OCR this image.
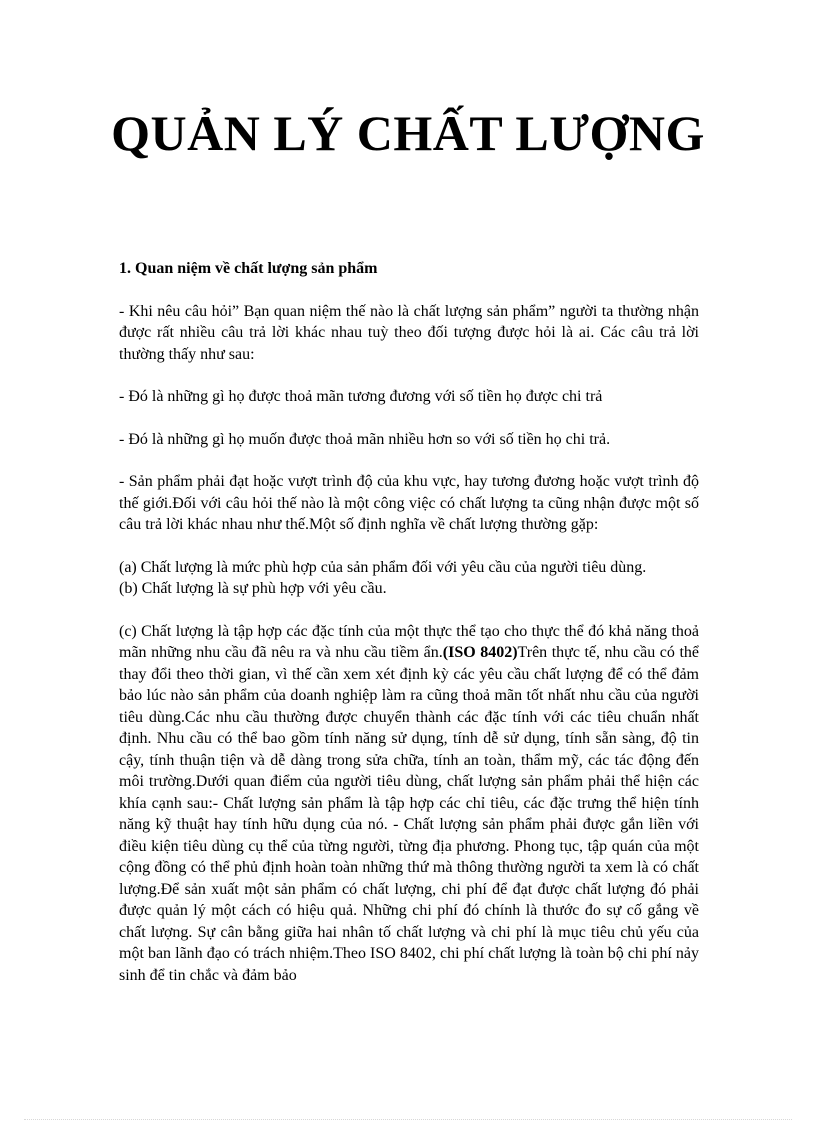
QUẢN LÝ CHẤT LƯỢNG

1. Quan niệm về chất lượng sản phẩm

- Khi nêu câu hỏi” Bạn quan niệm thế nào là chất lượng sản phẩm” người ta thường nhận được rất nhiều câu trả lời khác nhau tuỳ theo đối tượng được hỏi là ai. Các câu trả lời thường thấy như sau:

- Đó là những gì họ được thoả mãn tương đương với số tiền họ được chi trả

- Đó là những gì họ muốn được thoả mãn nhiều hơn so với số tiền họ chi trả.

- Sản phẩm phải đạt hoặc vượt trình độ của khu vực, hay tương đương hoặc vượt trình độ thế giới.Đối với câu hỏi thế nào là một công việc có chất lượng ta cũng nhận được một số câu trả lời khác nhau như thế.Một số định nghĩa về chất lượng thường gặp:

(a) Chất lượng là mức phù hợp của sản phẩm đối với yêu cầu của người tiêu dùng.

(b) Chất lượng là sự phù hợp với yêu cầu.

(c) Chất lượng là tập hợp các đặc tính của một thực thể tạo cho thực thể đó khả năng thoả mãn những nhu cầu đã nêu ra và nhu cầu tiềm ẩn.(ISO 8402)Trên thực tế, nhu cầu có thể thay đổi theo thời gian, vì thế cần xem xét định kỳ các yêu cầu chất lượng để có thể đảm bảo lúc nào sản phẩm của doanh nghiệp làm ra cũng thoả mãn tốt nhất nhu cầu của người tiêu dùng.Các nhu cầu thường được chuyển thành các đặc tính với các tiêu chuẩn nhất định. Nhu cầu có thể bao gồm tính năng sử dụng, tính dễ sử dụng, tính sẵn sàng, độ tin cậy, tính thuận tiện và dễ dàng trong sửa chữa, tính an toàn, thẩm mỹ, các tác động đến môi trường.Dưới quan điểm của người tiêu dùng, chất lượng sản phẩm phải thể hiện các khía cạnh sau:- Chất lượng sản phẩm là tập hợp các chỉ tiêu, các đặc trưng thể hiện tính năng kỹ thuật hay tính hữu dụng của nó. - Chất lượng sản phẩm phải được gắn liền với điều kiện tiêu dùng cụ thể của từng người, từng địa phương. Phong tục, tập quán của một cộng đồng có thể phủ định hoàn toàn những thứ mà thông thường người ta xem là có chất lượng.Để sản xuất một sản phẩm có chất lượng, chi phí để đạt được chất lượng đó phải được quản lý một cách có hiệu quả. Những chi phí đó chính là thước đo sự cố gắng về chất lượng. Sự cân bằng giữa hai nhân tố chất lượng và chi phí là mục tiêu chủ yếu của một ban lãnh đạo có trách nhiệm.Theo ISO 8402, chi phí chất lượng là toàn bộ chi phí nảy sinh để tin chắc và đảm bảo
